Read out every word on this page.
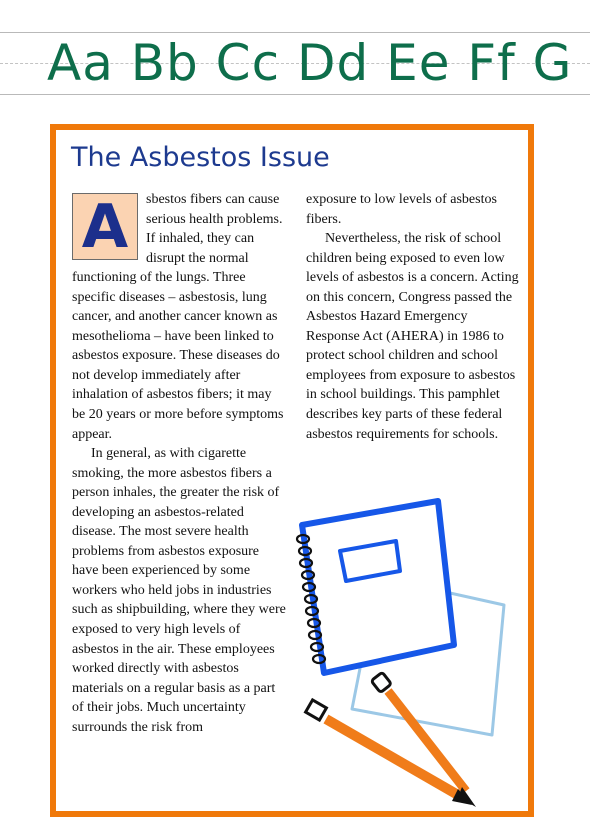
Aa Bb Cc Dd Ee Ff G
The Asbestos Issue
A	sbestos fibers can cause serious health problems. If inhaled, they can disrupt the normal functioning of the lungs. Three specific diseases – asbestosis, lung cancer, and another cancer known as mesothelioma – have been linked to asbestos exposure. These diseases do not develop immediately after inhalation of asbestos fibers; it may be 20 years or more before symptoms appear.

In general, as with cigarette smoking, the more asbestos fibers a person inhales, the greater the risk of developing an asbestos-related disease. The most severe health problems from asbestos exposure have been experienced by some workers who held jobs in industries such as shipbuilding, where they were exposed to very high levels of asbestos in the air. These employees worked directly with asbestos materials on a regular basis as a part of their jobs. Much uncertainty surrounds the risk from

exposure to low levels of asbestos fibers.

Nevertheless, the risk of school children being exposed to even low levels of asbestos is a concern. Acting on this concern, Congress passed the Asbestos Hazard Emergency Response Act (AHERA) in 1986 to protect school children and school employees from exposure to asbestos in school buildings. This pamphlet describes key parts of these federal asbestos requirements for schools.
